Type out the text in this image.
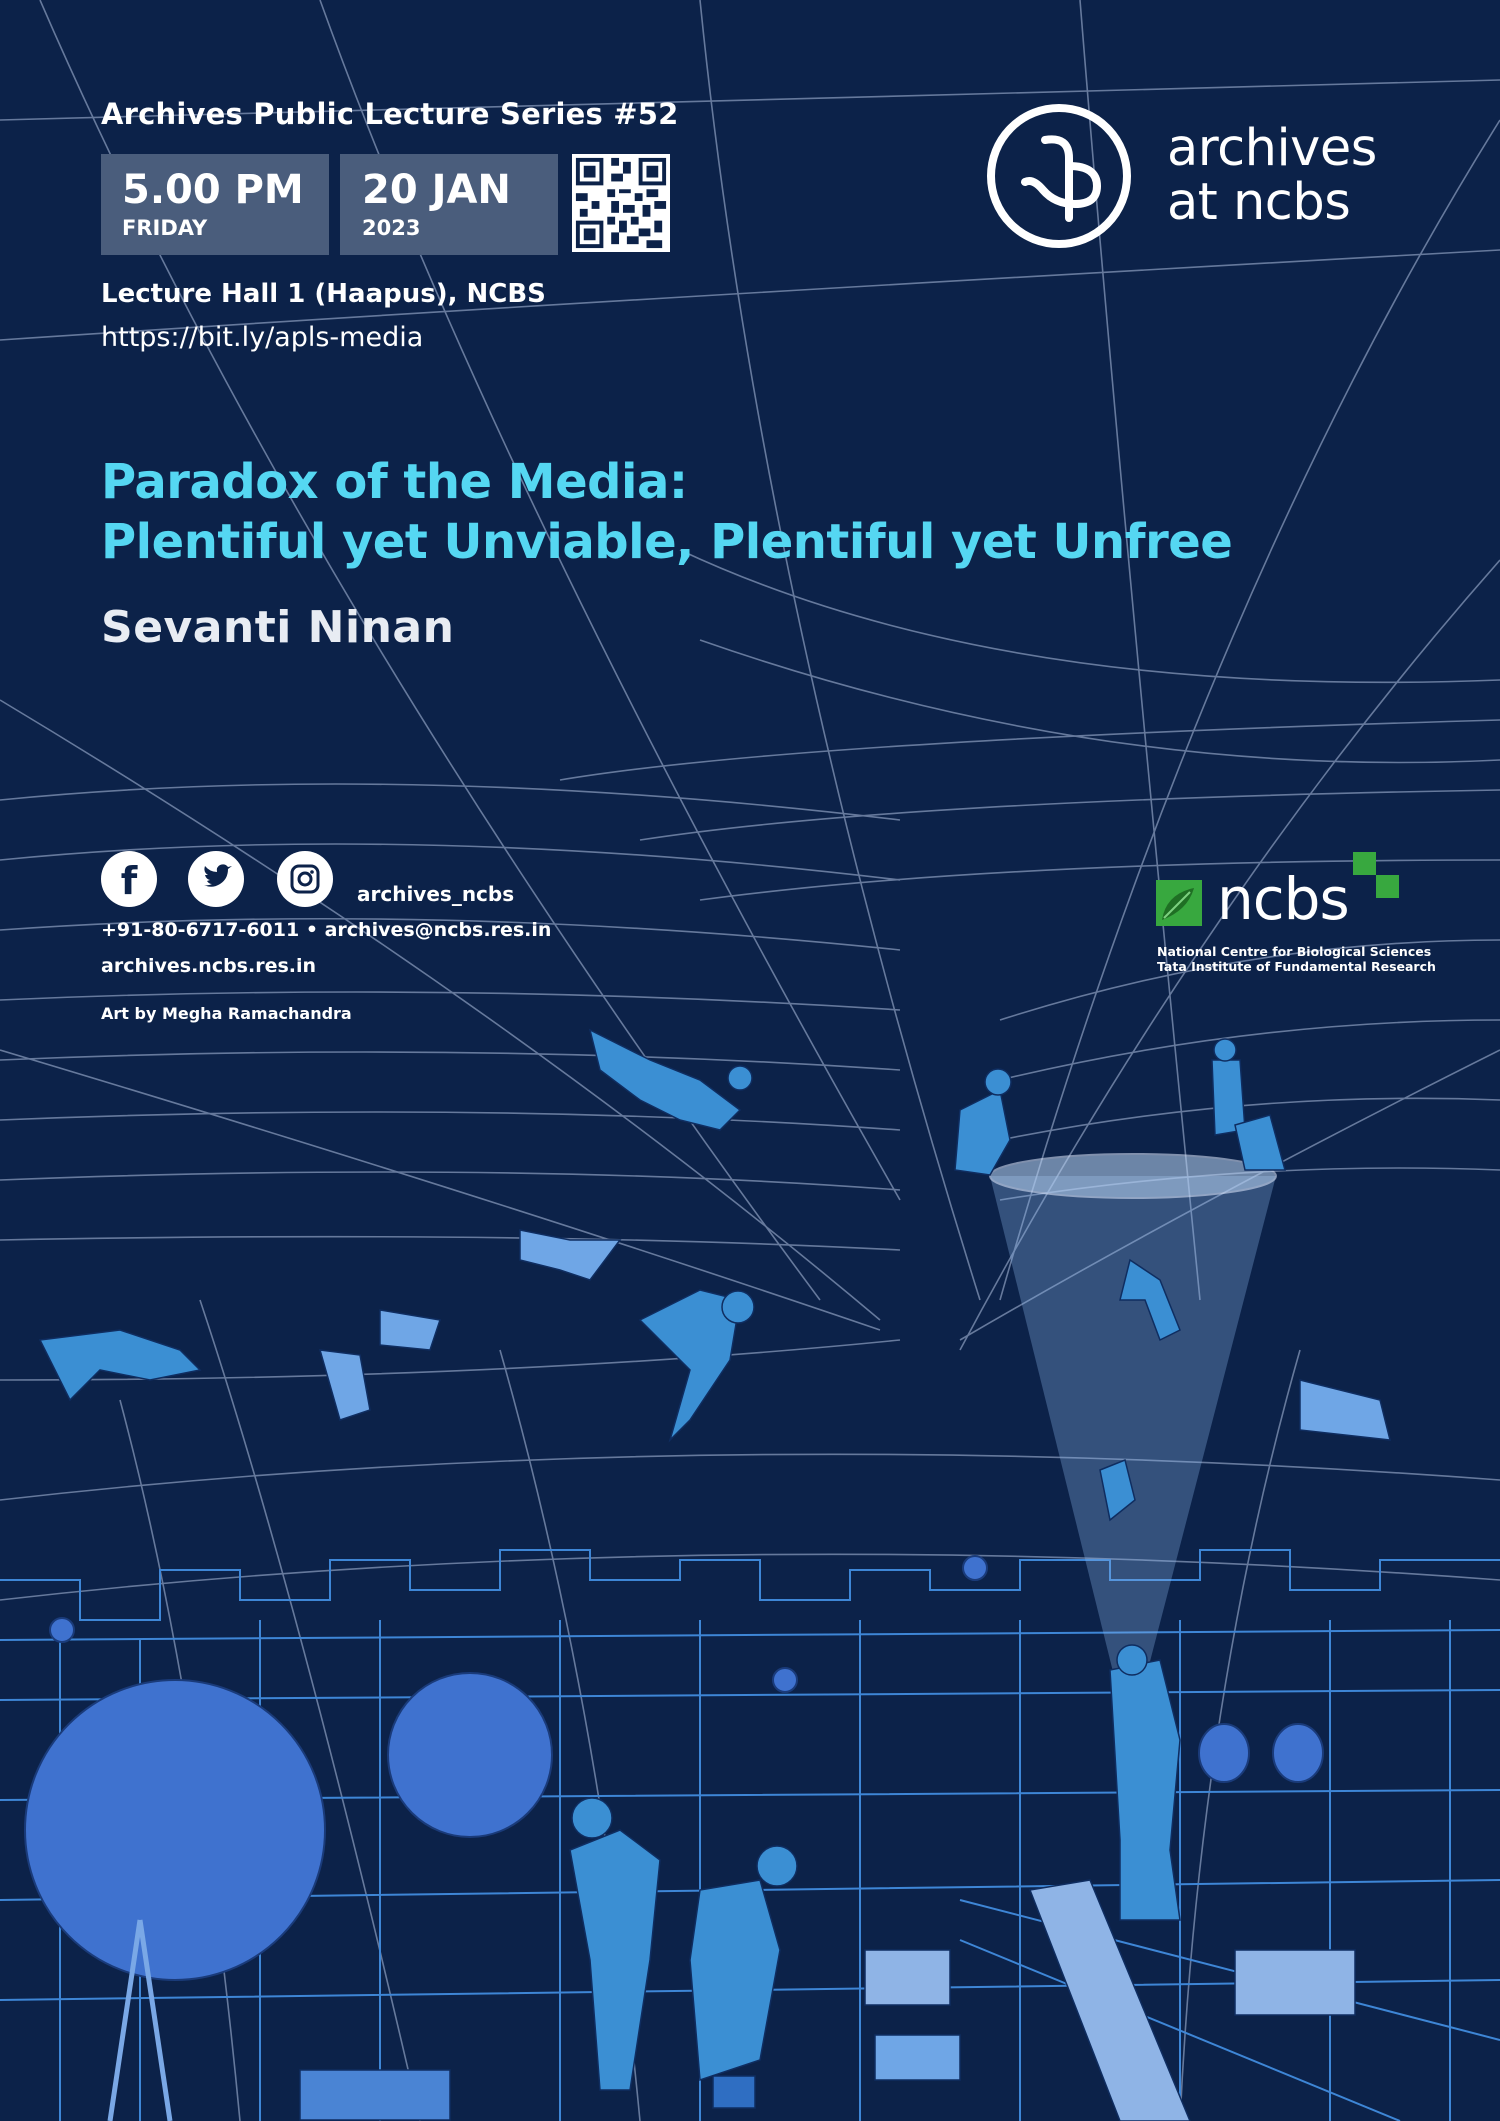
Archives Public Lecture Series #52
5.00 PM
FRIDAY
20 JAN
2023
Lecture Hall 1 (Haapus), NCBS
https://bit.ly/apls-media
Paradox of the Media:
Plentiful yet Unviable, Plentiful yet Unfree
Sevanti Ninan
archives
at ncbs
f	archives_ncbs
+91-80-6717-6011 • archives@ncbs.res.in
archives.ncbs.res.in
Art by Megha Ramachandra
ncbs
National Centre for Biological Sciences
Tata Institute of Fundamental Research
